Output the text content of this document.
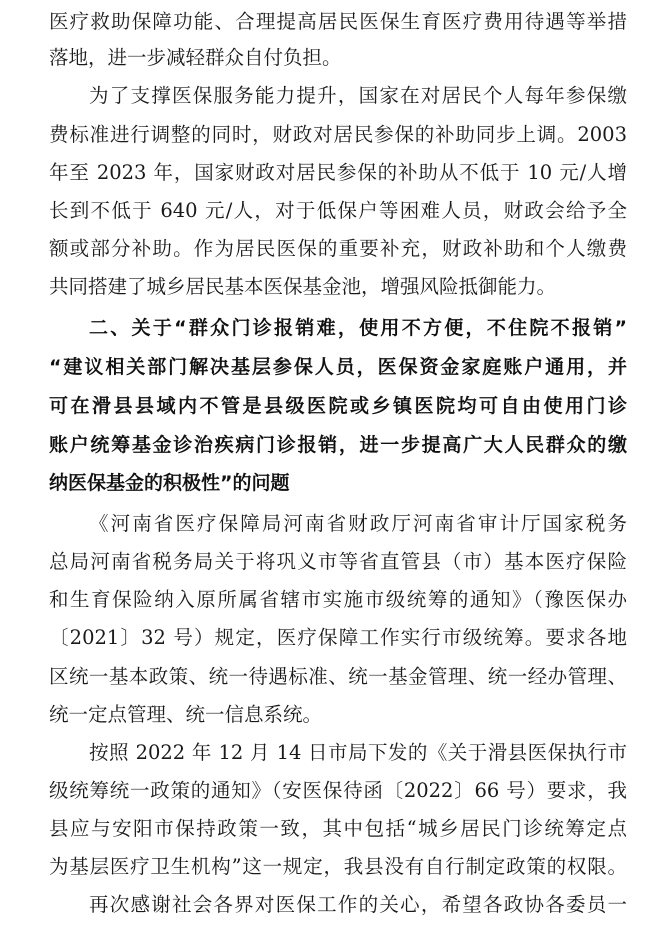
医疗救助保障功能、合理提高居民医保生育医疗费用待遇等举措
落地，进一步减轻群众自付负担。
为了支撑医保服务能力提升，国家在对居民个人每年参保缴
费标准进行调整的同时，财政对居民参保的补助同步上调。2003
年至 2023 年，国家财政对居民参保的补助从不低于 10 元/人增
长到不低于 640 元/人，对于低保户等困难人员，财政会给予全
额或部分补助。作为居民医保的重要补充，财政补助和个人缴费
共同搭建了城乡居民基本医保基金池，增强风险抵御能力。
二、关于“群众门诊报销难，使用不方便，不住院不报销”
“建议相关部门解决基层参保人员，医保资金家庭账户通用，并
可在滑县县域内不管是县级医院或乡镇医院均可自由使用门诊
账户统筹基金诊治疾病门诊报销，进一步提高广大人民群众的缴
纳医保基金的积极性”的问题
《河南省医疗保障局河南省财政厅河南省审计厅国家税务
总局河南省税务局关于将巩义市等省直管县（市）基本医疗保险
和生育保险纳入原所属省辖市实施市级统筹的通知》（豫医保办
〔2021〕32 号）规定，医疗保障工作实行市级统筹。要求各地
区统一基本政策、统一待遇标准、统一基金管理、统一经办管理、
统一定点管理、统一信息系统。
按照 2022 年 12 月 14 日市局下发的《关于滑县医保执行市
级统筹统一政策的通知》（安医保待函〔2022〕66 号）要求，我
县应与安阳市保持政策一致，其中包括“城乡居民门诊统筹定点
为基层医疗卫生机构”这一规定，我县没有自行制定政策的权限。
再次感谢社会各界对医保工作的关心，希望各政协各委员一
